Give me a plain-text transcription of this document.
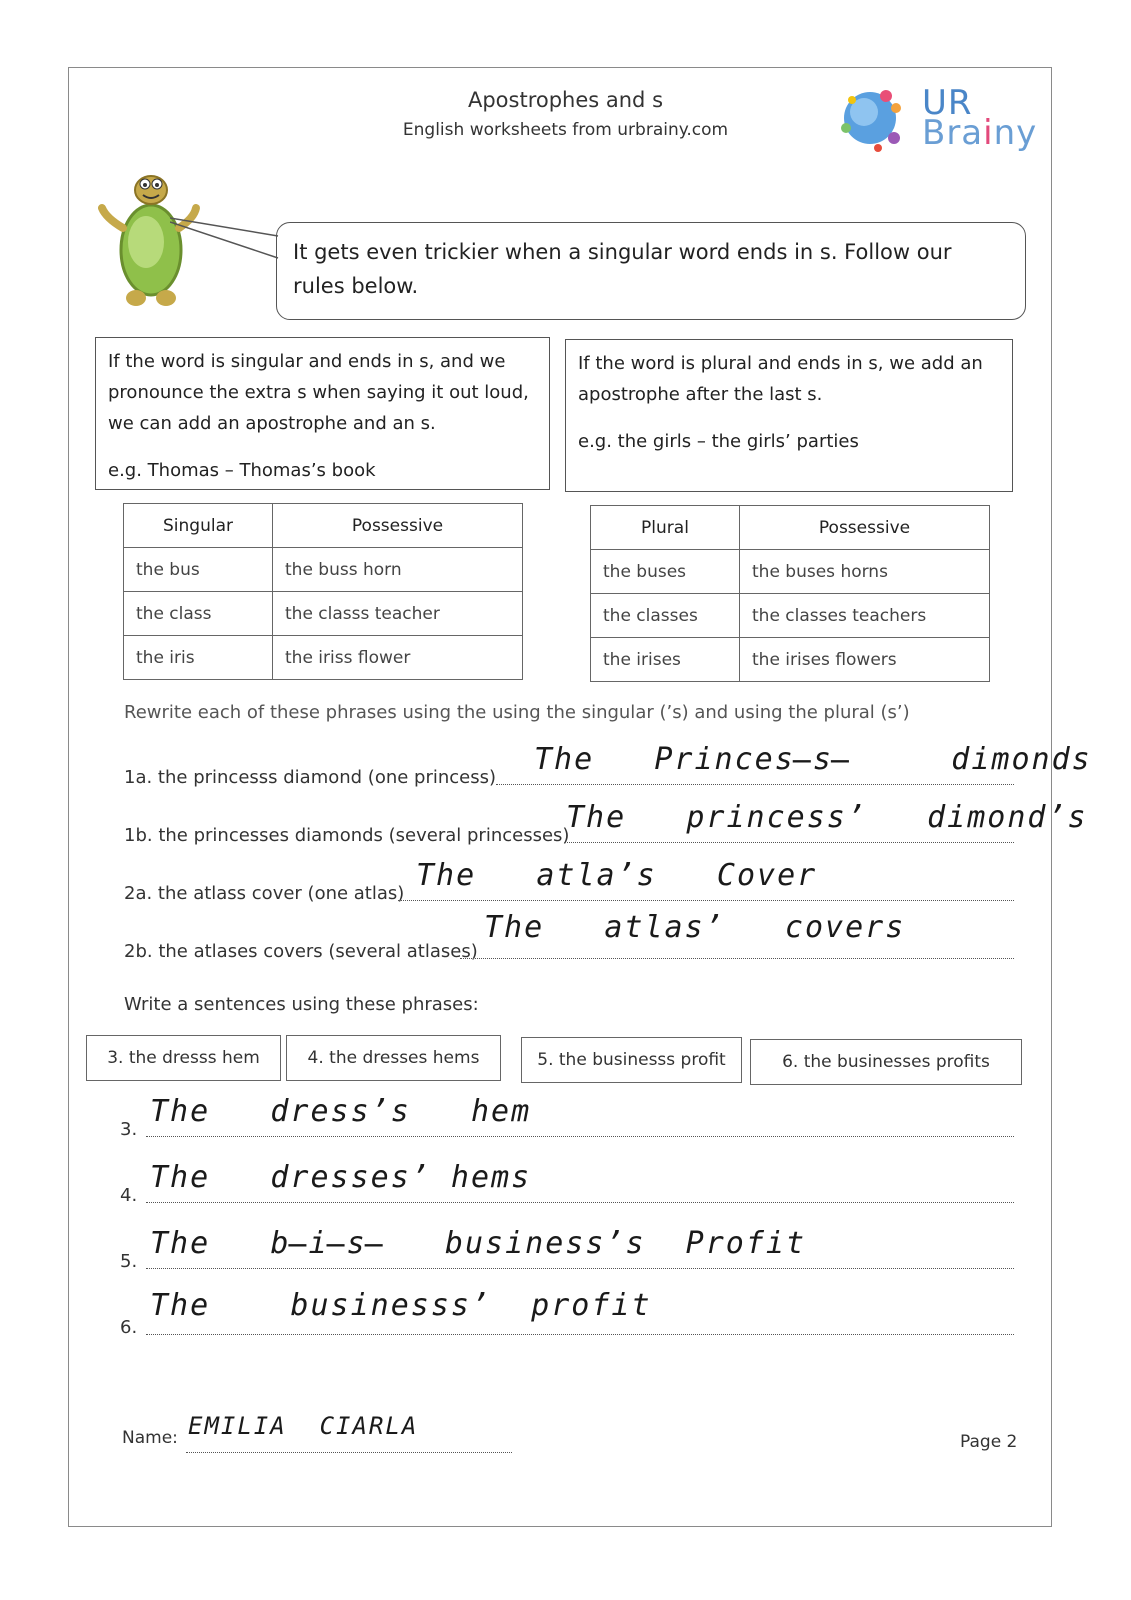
Apostrophes and s
English worksheets from urbrainy.com
UR
Brainy
It gets even trickier when a singular word ends in s. Follow our rules below.
If the word is singular and ends in s, and we pronounce the extra s when saying it out loud, we can add an apostrophe and an s.
e.g. Thomas – Thomas’s book
If the word is plural and ends in s, we add an apostrophe after the last s.
e.g. the girls – the girls’ parties
Singular	Possessive
the bus	the buss horn
the class	the classs teacher
the iris	the iriss flower
Plural	Possessive
the buses	the buses horns
the classes	the classes teachers
the irises	the irises flowers
Rewrite each of these phrases using the using the singular (’s) and using the plural (s’)
1a. the princesss diamond (one princess)
The   Princes̶s̶     dimonds
1b. the princesses diamonds (several princesses)
The   princess’   dimond’s
2a. the atlass cover (one atlas)
The   atla’s   Cover
2b. the atlases covers (several atlases)
The   atlas’   covers
Write a sentences using these phrases:
3. the dresss hem	4. the dresses hems	5. the businesss profit	6. the businesses profits
3.
The   dress’s   hem
4.
The   dresses’ hems
5.
The   b̶i̶s̶   business’s  Profit
6.
The    businesss’  profit
Name: EMILIA  CIARLA
Page 2
